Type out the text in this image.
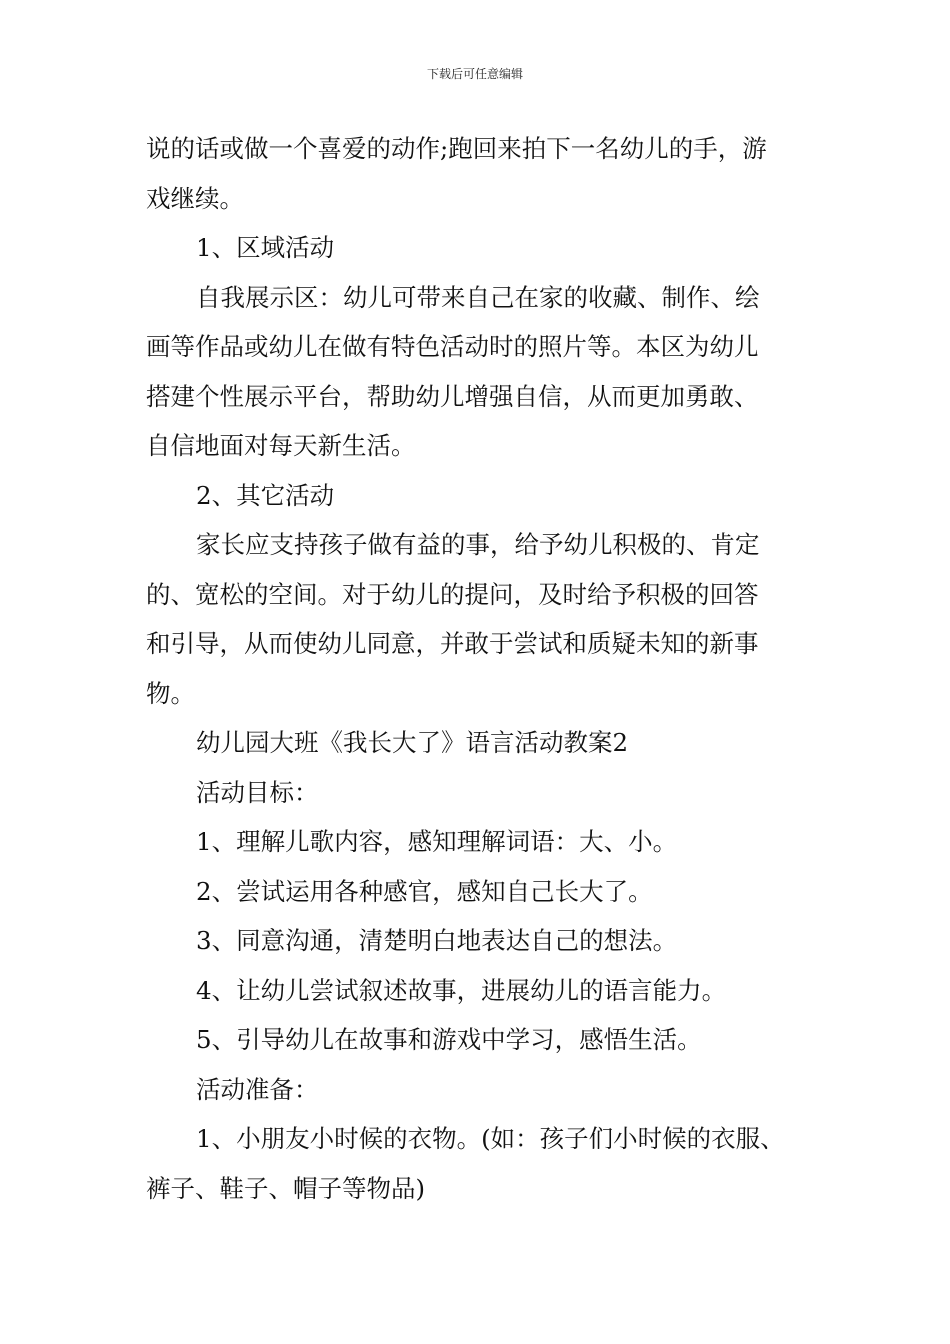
下载后可任意编辑

说的话或做一个喜爱的动作;跑回来拍下一名幼儿的手，游

戏继续。

1、区域活动

自我展示区：幼儿可带来自己在家的收藏、制作、绘

画等作品或幼儿在做有特色活动时的照片等。本区为幼儿

搭建个性展示平台，帮助幼儿增强自信，从而更加勇敢、

自信地面对每天新生活。

2、其它活动

家长应支持孩子做有益的事，给予幼儿积极的、肯定

的、宽松的空间。对于幼儿的提问，及时给予积极的回答

和引导，从而使幼儿同意，并敢于尝试和质疑未知的新事

物。

幼儿园大班《我长大了》语言活动教案2

活动目标：

1、理解儿歌内容，感知理解词语：大、小。

2、尝试运用各种感官，感知自己长大了。

3、同意沟通，清楚明白地表达自己的想法。

4、让幼儿尝试叙述故事，进展幼儿的语言能力。

5、引导幼儿在故事和游戏中学习，感悟生活。

活动准备：

1、小朋友小时候的衣物。(如：孩子们小时候的衣服、

裤子、鞋子、帽子等物品)
